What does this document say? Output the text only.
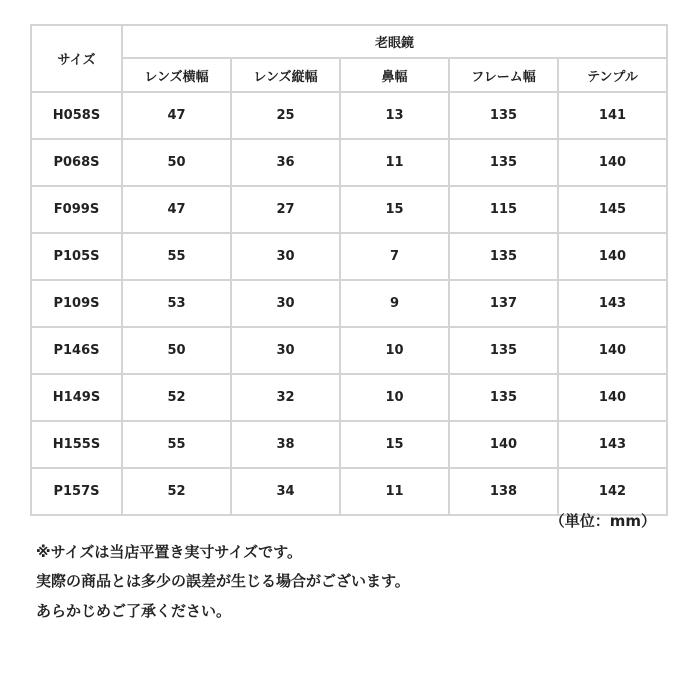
サイズ	老眼鏡				
	レンズ横幅	レンズ縦幅	鼻幅	フレーム幅	テンプル
H058S	47	25	13	135	141
P068S	50	36	11	135	140
F099S	47	27	15	115	145
P105S	55	30	7	135	140
P109S	53	30	9	137	143
P146S	50	30	10	135	140
H149S	52	32	10	135	140
H155S	55	38	15	140	143
P157S	52	34	11	138	142
（単位：mm）
※サイズは当店平置き実寸サイズです。
実際の商品とは多少の誤差が生じる場合がございます。
あらかじめご了承ください。
